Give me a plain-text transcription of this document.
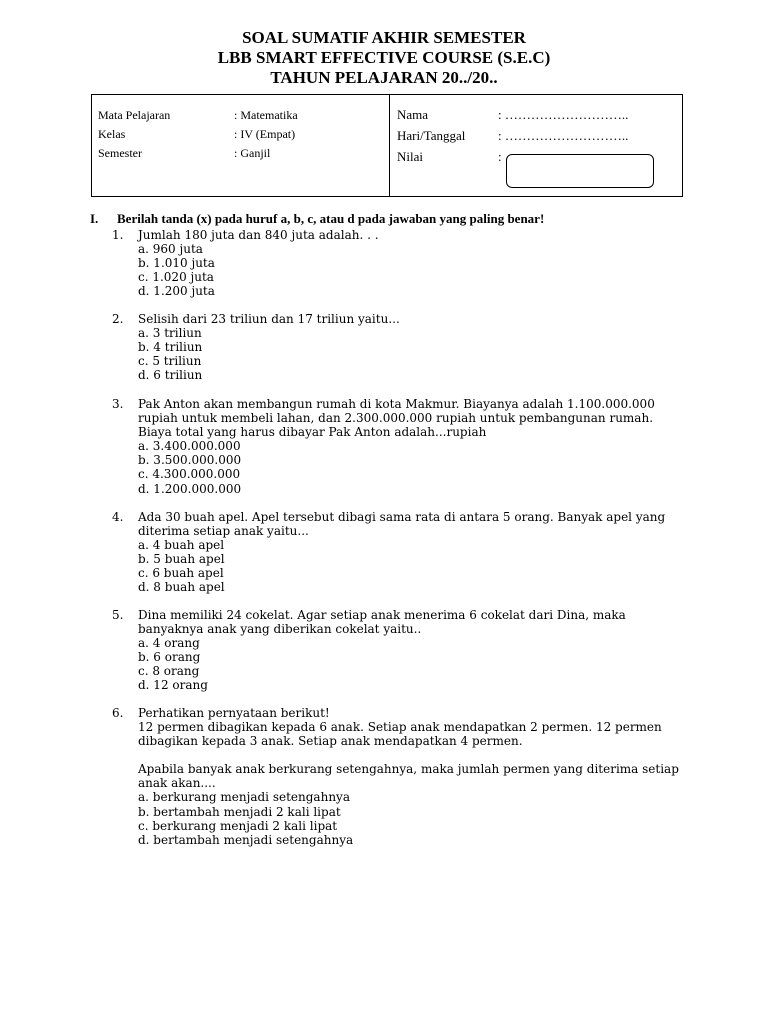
SOAL SUMATIF AKHIR SEMESTER
LBB SMART EFFECTIVE COURSE (S.E.C)
TAHUN PELAJARAN 20../20..
Mata Pelajaran	: Matematika
Kelas	: IV (Empat)
Semester	: Ganjil
Nama	: ………………………..
Hari/Tanggal	: ………………………..
Nilai	:
I. Berilah tanda (x) pada huruf a, b, c, atau d pada jawaban yang paling benar!
1. Jumlah 180 juta dan 840 juta adalah. . .
a. 960 juta
b. 1.010 juta
c. 1.020 juta
d. 1.200 juta
2. Selisih dari 23 triliun dan 17 triliun yaitu...
a. 3 triliun
b. 4 triliun
c. 5 triliun
d. 6 triliun
3. Pak Anton akan membangun rumah di kota Makmur. Biayanya adalah 1.100.000.000
rupiah untuk membeli lahan, dan 2.300.000.000 rupiah untuk pembangunan rumah.
Biaya total yang harus dibayar Pak Anton adalah...rupiah
a. 3.400.000.000
b. 3.500.000.000
c. 4.300.000.000
d. 1.200.000.000
4. Ada 30 buah apel. Apel tersebut dibagi sama rata di antara 5 orang. Banyak apel yang
diterima setiap anak yaitu...
a. 4 buah apel
b. 5 buah apel
c. 6 buah apel
d. 8 buah apel
5. Dina memiliki 24 cokelat. Agar setiap anak menerima 6 cokelat dari Dina, maka
banyaknya anak yang diberikan cokelat yaitu..
a. 4 orang
b. 6 orang
c. 8 orang
d. 12 orang
6. Perhatikan pernyataan berikut!
12 permen dibagikan kepada 6 anak. Setiap anak mendapatkan 2 permen. 12 permen
dibagikan kepada 3 anak. Setiap anak mendapatkan 4 permen.
Apabila banyak anak berkurang setengahnya, maka jumlah permen yang diterima setiap
anak akan....
a. berkurang menjadi setengahnya
b. bertambah menjadi 2 kali lipat
c. berkurang menjadi 2 kali lipat
d. bertambah menjadi setengahnya
